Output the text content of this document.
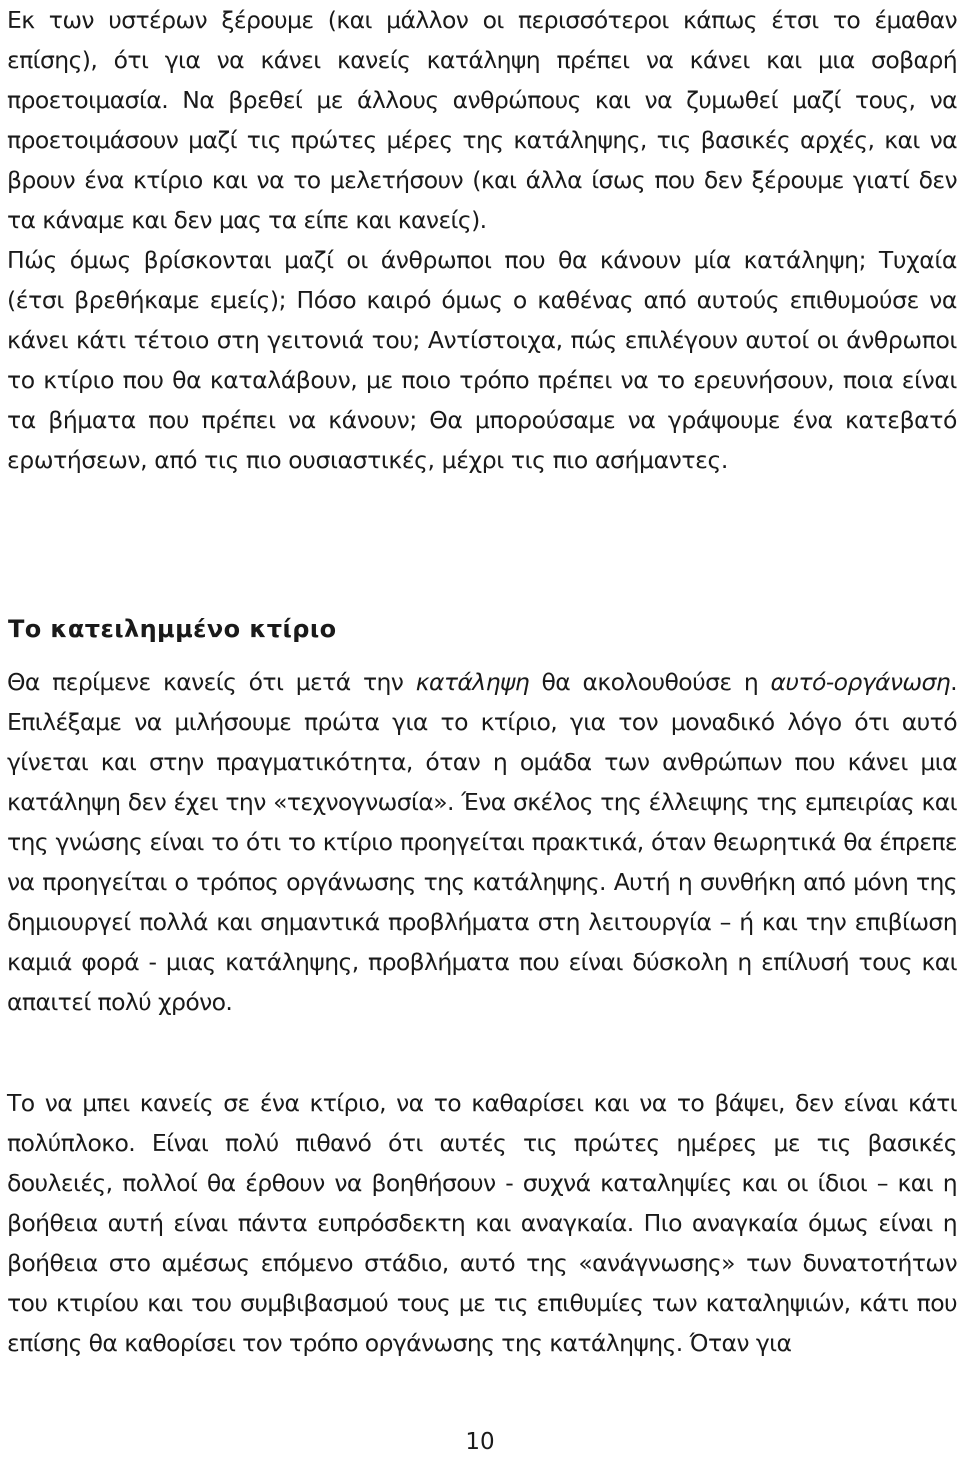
Εκ των υστέρων ξέρουμε (και μάλλον οι περισσότεροι κάπως έτσι το έμαθαν επίσης), ότι για να κάνει κανείς κατάληψη πρέπει να κάνει και μια σοβαρή προετοιμασία. Να βρεθεί με άλλους ανθρώπους και να ζυμωθεί μαζί τους, να προετοιμάσουν μαζί τις πρώτες μέρες της κατάληψης, τις βασικές αρχές, και να βρουν ένα κτίριο και να το μελετήσουν (και άλλα ίσως που δεν ξέρουμε γιατί δεν τα κάναμε και δεν μας τα είπε και κανείς).

Πώς όμως βρίσκονται μαζί οι άνθρωποι που θα κάνουν μία κατάληψη; Τυχαία (έτσι βρεθήκαμε εμείς); Πόσο καιρό όμως ο καθένας από αυτούς επιθυμούσε να κάνει κάτι τέτοιο στη γειτονιά του; Αντίστοιχα, πώς επιλέγουν αυτοί οι άνθρωποι το κτίριο που θα καταλάβουν, με ποιο τρόπο πρέπει να το ερευνήσουν, ποια είναι τα βήματα που πρέπει να κάνουν; Θα μπορούσαμε να γράψουμε ένα κατεβατό ερωτήσεων, από τις πιο ουσιαστικές, μέχρι τις πιο ασήμαντες.

Το κατειλημμένο κτίριο

Θα περίμενε κανείς ότι μετά την κατάληψη θα ακολουθούσε η αυτό-οργάνωση. Επιλέξαμε να μιλήσουμε πρώτα για το κτίριο, για τον μοναδικό λόγο ότι αυτό γίνεται και στην πραγματικότητα, όταν η ομάδα των ανθρώπων που κάνει μια κατάληψη δεν έχει την «τεχνογνωσία». Ένα σκέλος της έλλειψης της εμπειρίας και της γνώσης είναι το ότι το κτίριο προηγείται πρακτικά, όταν θεωρητικά θα έπρεπε να προηγείται ο τρόπος οργάνωσης της κατάληψης. Αυτή η συνθήκη από μόνη της δημιουργεί πολλά και σημαντικά προβλήματα στη λειτουργία – ή και την επιβίωση καμιά φορά - μιας κατάληψης, προβλήματα που είναι δύσκολη η επίλυσή τους και απαιτεί πολύ χρόνο.

Το να μπει κανείς σε ένα κτίριο, να το καθαρίσει και να το βάψει, δεν είναι κάτι πολύπλοκο. Είναι πολύ πιθανό ότι αυτές τις πρώτες ημέρες με τις βασικές δουλειές, πολλοί θα έρθουν να βοηθήσουν - συχνά καταληψίες και οι ίδιοι – και η βοήθεια αυτή είναι πάντα ευπρόσδεκτη και αναγκαία. Πιο αναγκαία όμως είναι η βοήθεια στο αμέσως επόμενο στάδιο, αυτό της «ανάγνωσης» των δυνατοτήτων του κτιρίου και του συμβιβασμού τους με τις επιθυμίες των καταληψιών, κάτι που επίσης θα καθορίσει τον τρόπο οργάνωσης της κατάληψης. Όταν για

10
